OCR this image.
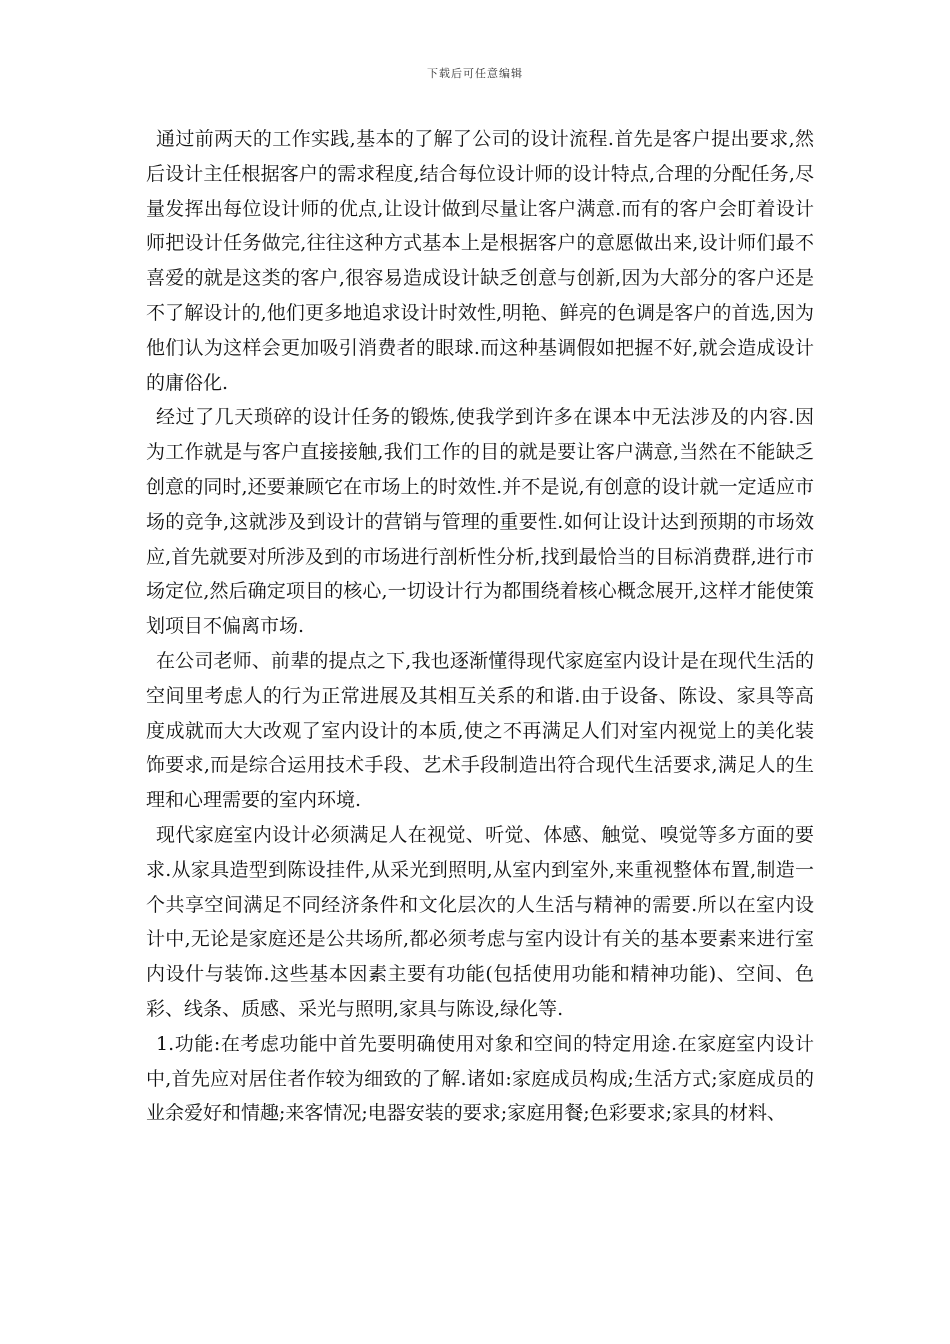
下载后可任意编辑

通过前两天的工作实践,基本的了解了公司的设计流程.首先是客户提出要求,然后设计主任根据客户的需求程度,结合每位设计师的设计特点,合理的分配任务,尽量发挥出每位设计师的优点,让设计做到尽量让客户满意.而有的客户会盯着设计师把设计任务做完,往往这种方式基本上是根据客户的意愿做出来,设计师们最不喜爱的就是这类的客户,很容易造成设计缺乏创意与创新,因为大部分的客户还是不了解设计的,他们更多地追求设计时效性,明艳、鲜亮的色调是客户的首选,因为他们认为这样会更加吸引消费者的眼球.而这种基调假如把握不好,就会造成设计的庸俗化.

经过了几天琐碎的设计任务的锻炼,使我学到许多在课本中无法涉及的内容.因为工作就是与客户直接接触,我们工作的目的就是要让客户满意,当然在不能缺乏创意的同时,还要兼顾它在市场上的时效性.并不是说,有创意的设计就一定适应市场的竞争,这就涉及到设计的营销与管理的重要性.如何让设计达到预期的市场效应,首先就要对所涉及到的市场进行剖析性分析,找到最恰当的目标消费群,进行市场定位,然后确定项目的核心,一切设计行为都围绕着核心概念展开,这样才能使策划项目不偏离市场.

在公司老师、前辈的提点之下,我也逐渐懂得现代家庭室内设计是在现代生活的空间里考虑人的行为正常进展及其相互关系的和谐.由于设备、陈设、家具等高度成就而大大改观了室内设计的本质,使之不再满足人们对室内视觉上的美化装饰要求,而是综合运用技术手段、艺术手段制造出符合现代生活要求,满足人的生理和心理需要的室内环境.

现代家庭室内设计必须满足人在视觉、听觉、体感、触觉、嗅觉等多方面的要求.从家具造型到陈设挂件,从采光到照明,从室内到室外,来重视整体布置,制造一个共享空间满足不同经济条件和文化层次的人生活与精神的需要.所以在室内设计中,无论是家庭还是公共场所,都必须考虑与室内设计有关的基本要素来进行室内设什与装饰.这些基本因素主要有功能(包括使用功能和精神功能)、空间、色彩、线条、质感、采光与照明,家具与陈设,绿化等.

1.功能:在考虑功能中首先要明确使用对象和空间的特定用途.在家庭室内设计中,首先应对居住者作较为细致的了解.诸如:家庭成员构成;生活方式;家庭成员的业余爱好和情趣;来客情况;电器安装的要求;家庭用餐;色彩要求;家具的材料、
